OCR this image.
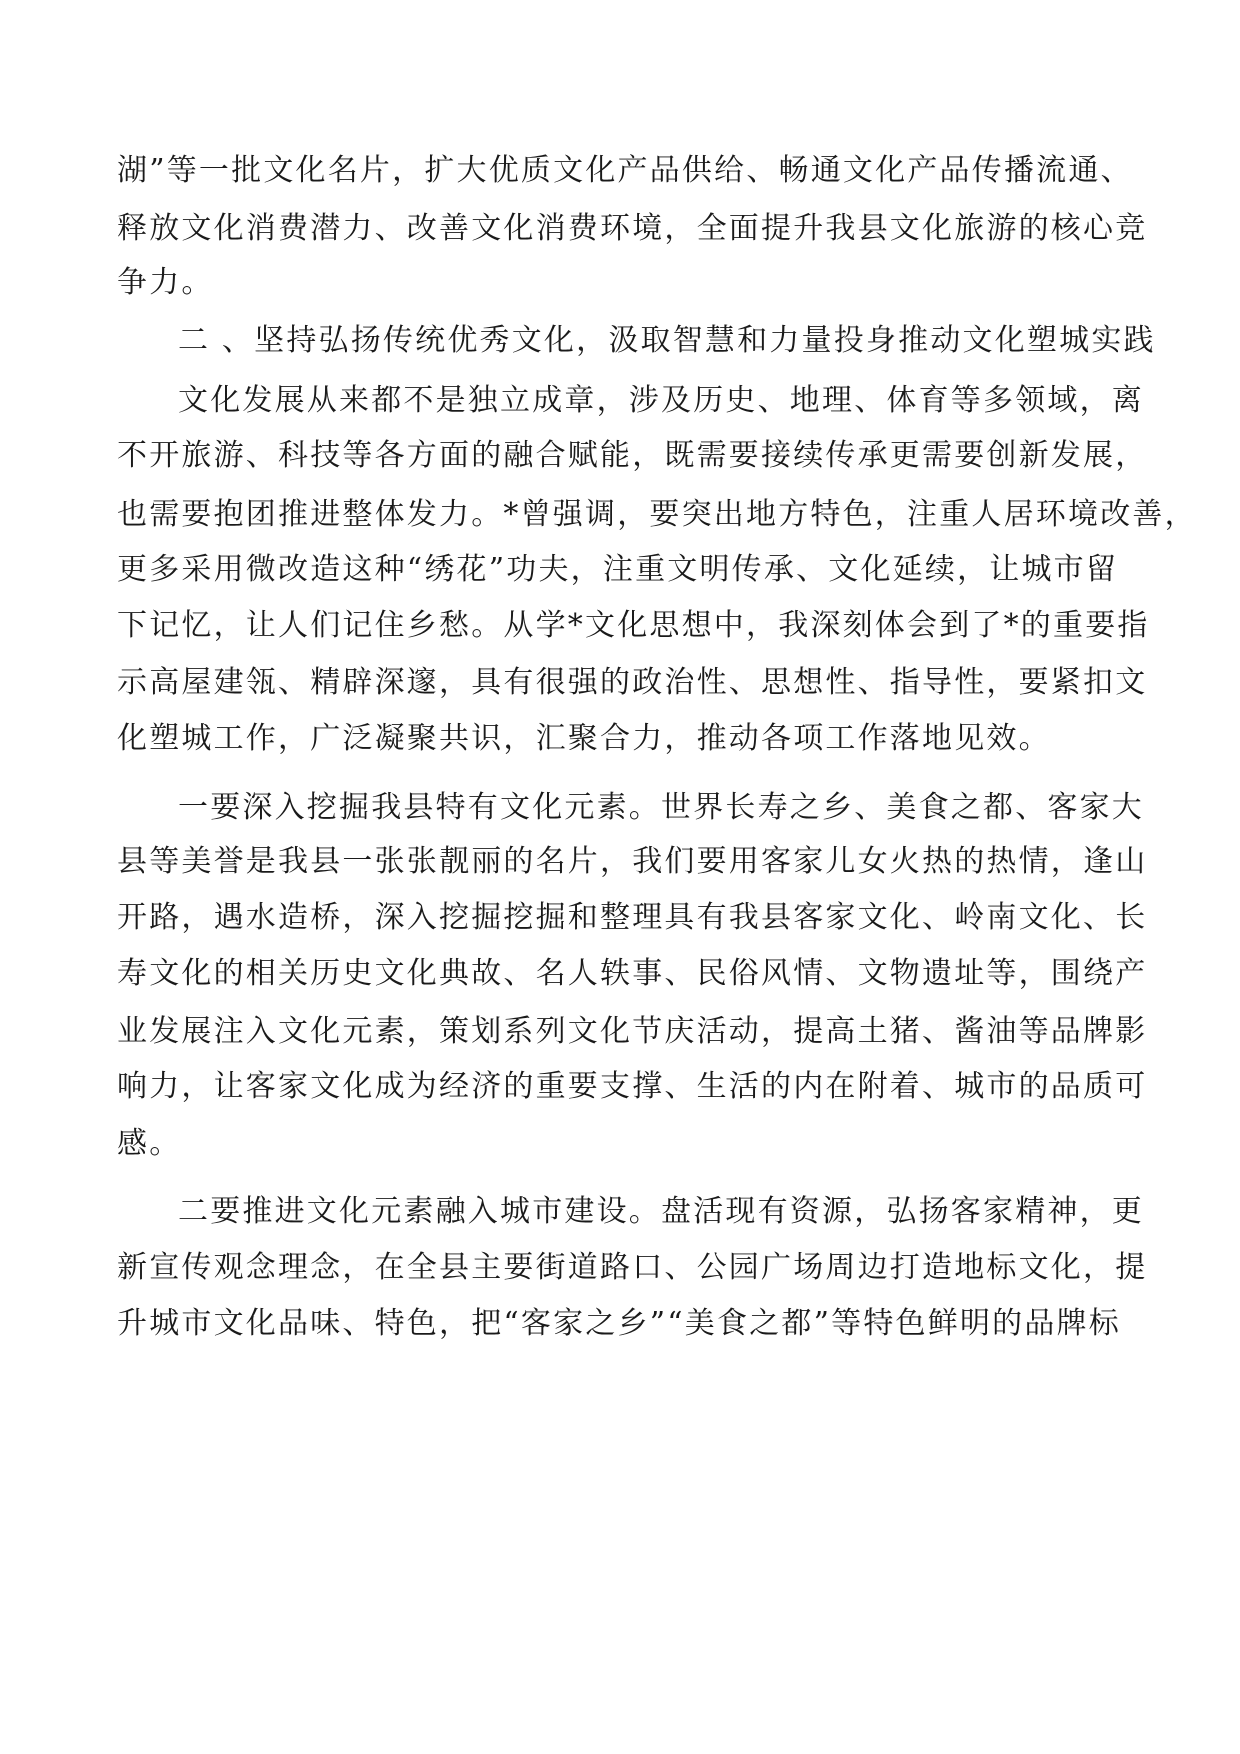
湖”等一批文化名片，扩大优质文化产品供给、畅通文化产品传播流通、
释放文化消费潜力、改善文化消费环境，全面提升我县文化旅游的核心竞
争力。
二 、坚持弘扬传统优秀文化，汲取智慧和力量投身推动文化塑城实践
文化发展从来都不是独立成章，涉及历史、地理、体育等多领域，离
不开旅游、科技等各方面的融合赋能，既需要接续传承更需要创新发展，
也需要抱团推进整体发力。*曾强调，要突出地方特色，注重人居环境改善，
更多采用微改造这种“绣花”功夫，注重文明传承、文化延续，让城市留
下记忆，让人们记住乡愁。从学*文化思想中，我深刻体会到了*的重要指
示高屋建瓴、精辟深邃，具有很强的政治性、思想性、指导性，要紧扣文
化塑城工作，广泛凝聚共识，汇聚合力，推动各项工作落地见效。
一要深入挖掘我县特有文化元素。世界长寿之乡、美食之都、客家大
县等美誉是我县一张张靓丽的名片，我们要用客家儿女火热的热情，逢山
开路，遇水造桥，深入挖掘挖掘和整理具有我县客家文化、岭南文化、长
寿文化的相关历史文化典故、名人轶事、民俗风情、文物遗址等，围绕产
业发展注入文化元素，策划系列文化节庆活动，提高土猪、酱油等品牌影
响力，让客家文化成为经济的重要支撑、生活的内在附着、城市的品质可
感。
二要推进文化元素融入城市建设。盘活现有资源，弘扬客家精神，更
新宣传观念理念，在全县主要街道路口、公园广场周边打造地标文化，提
升城市文化品味、特色，把“客家之乡”“美食之都”等特色鲜明的品牌标
